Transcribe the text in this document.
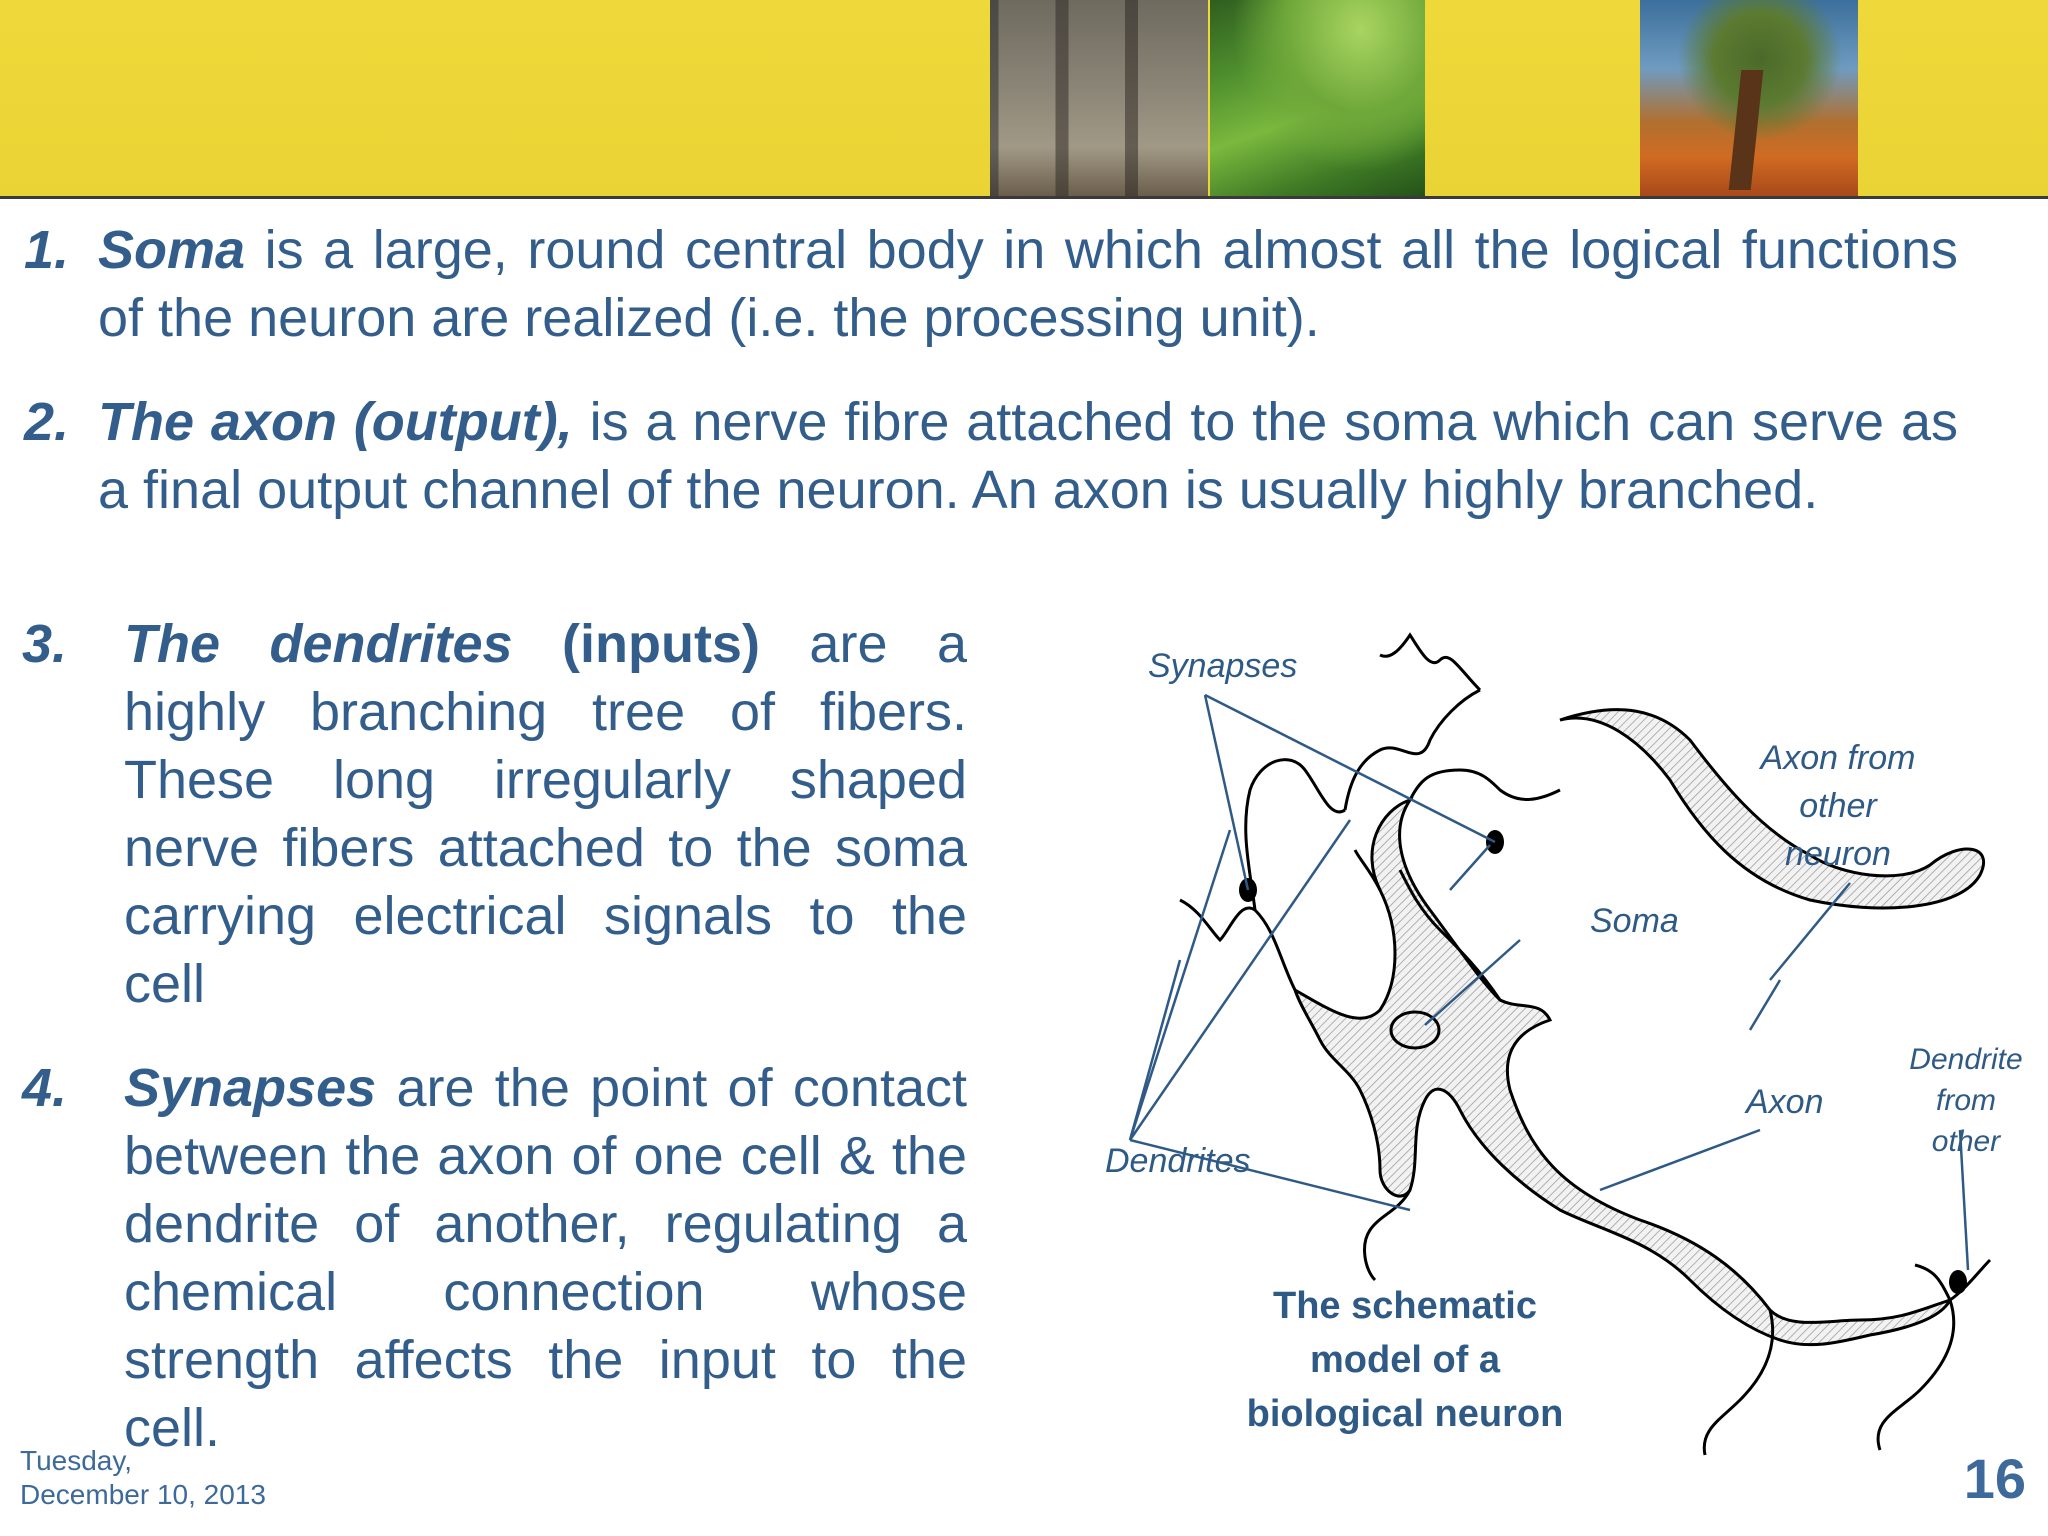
1. Soma is a large, round central body in which almost all the logical functions of the neuron are realized (i.e. the processing unit).

2. The axon (output), is a nerve fibre attached to the soma which can serve as a final output channel of the neuron. An axon is usually highly branched.

3. The dendrites (inputs) are a highly branching tree of fibers. These long irregularly shaped nerve fibers attached to the soma carrying electrical signals to the cell

4. Synapses are the point of contact between the axon of one cell & the dendrite of another, regulating a chemical connection whose strength affects the input to the cell.

Synapses
Axon from
other
neuron
Soma
Axon
Dendrite
from
other
Dendrites
The schematic
model of a
biological neuron
Tuesday,
December 10, 2013	16
